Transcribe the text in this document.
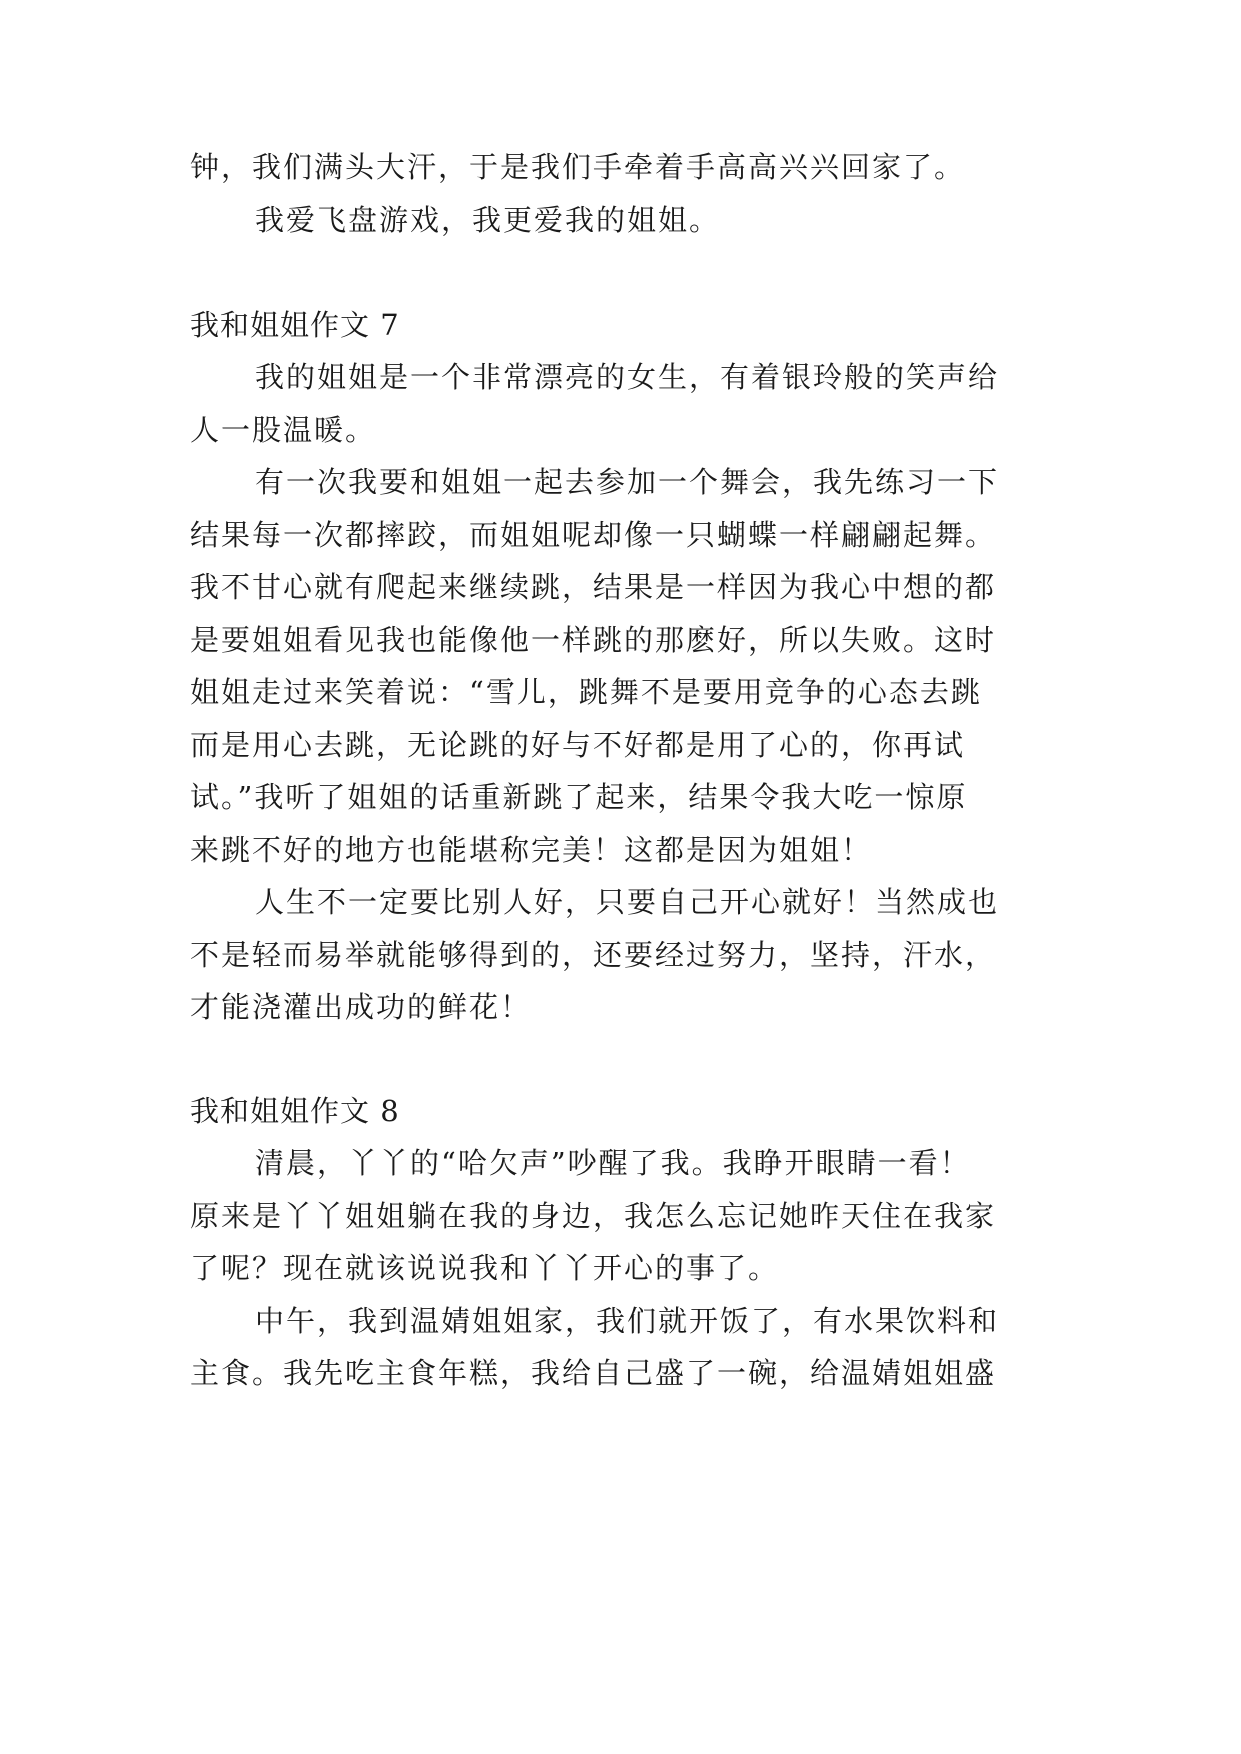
钟，我们满头大汗，于是我们手牵着手高高兴兴回家了。
我爱飞盘游戏，我更爱我的姐姐。
我和姐姐作文 7
我的姐姐是一个非常漂亮的女生，有着银玲般的笑声给
人一股温暖。
有一次我要和姐姐一起去参加一个舞会，我先练习一下
结果每一次都摔跤，而姐姐呢却像一只蝴蝶一样翩翩起舞。
我不甘心就有爬起来继续跳，结果是一样因为我心中想的都
是要姐姐看见我也能像他一样跳的那麽好，所以失败。这时
姐姐走过来笑着说：“雪儿，跳舞不是要用竞争的心态去跳
而是用心去跳，无论跳的好与不好都是用了心的，你再试
试。”我听了姐姐的话重新跳了起来，结果令我大吃一惊原
来跳不好的地方也能堪称完美！这都是因为姐姐！
人生不一定要比别人好，只要自己开心就好！当然成也
不是轻而易举就能够得到的，还要经过努力，坚持，汗水，
才能浇灌出成功的鲜花！
我和姐姐作文 8
清晨，丫丫的“哈欠声”吵醒了我。我睁开眼睛一看！
原来是丫丫姐姐躺在我的身边，我怎么忘记她昨天住在我家
了呢？现在就该说说我和丫丫开心的事了。
中午，我到温婧姐姐家，我们就开饭了，有水果饮料和
主食。我先吃主食年糕，我给自己盛了一碗，给温婧姐姐盛
